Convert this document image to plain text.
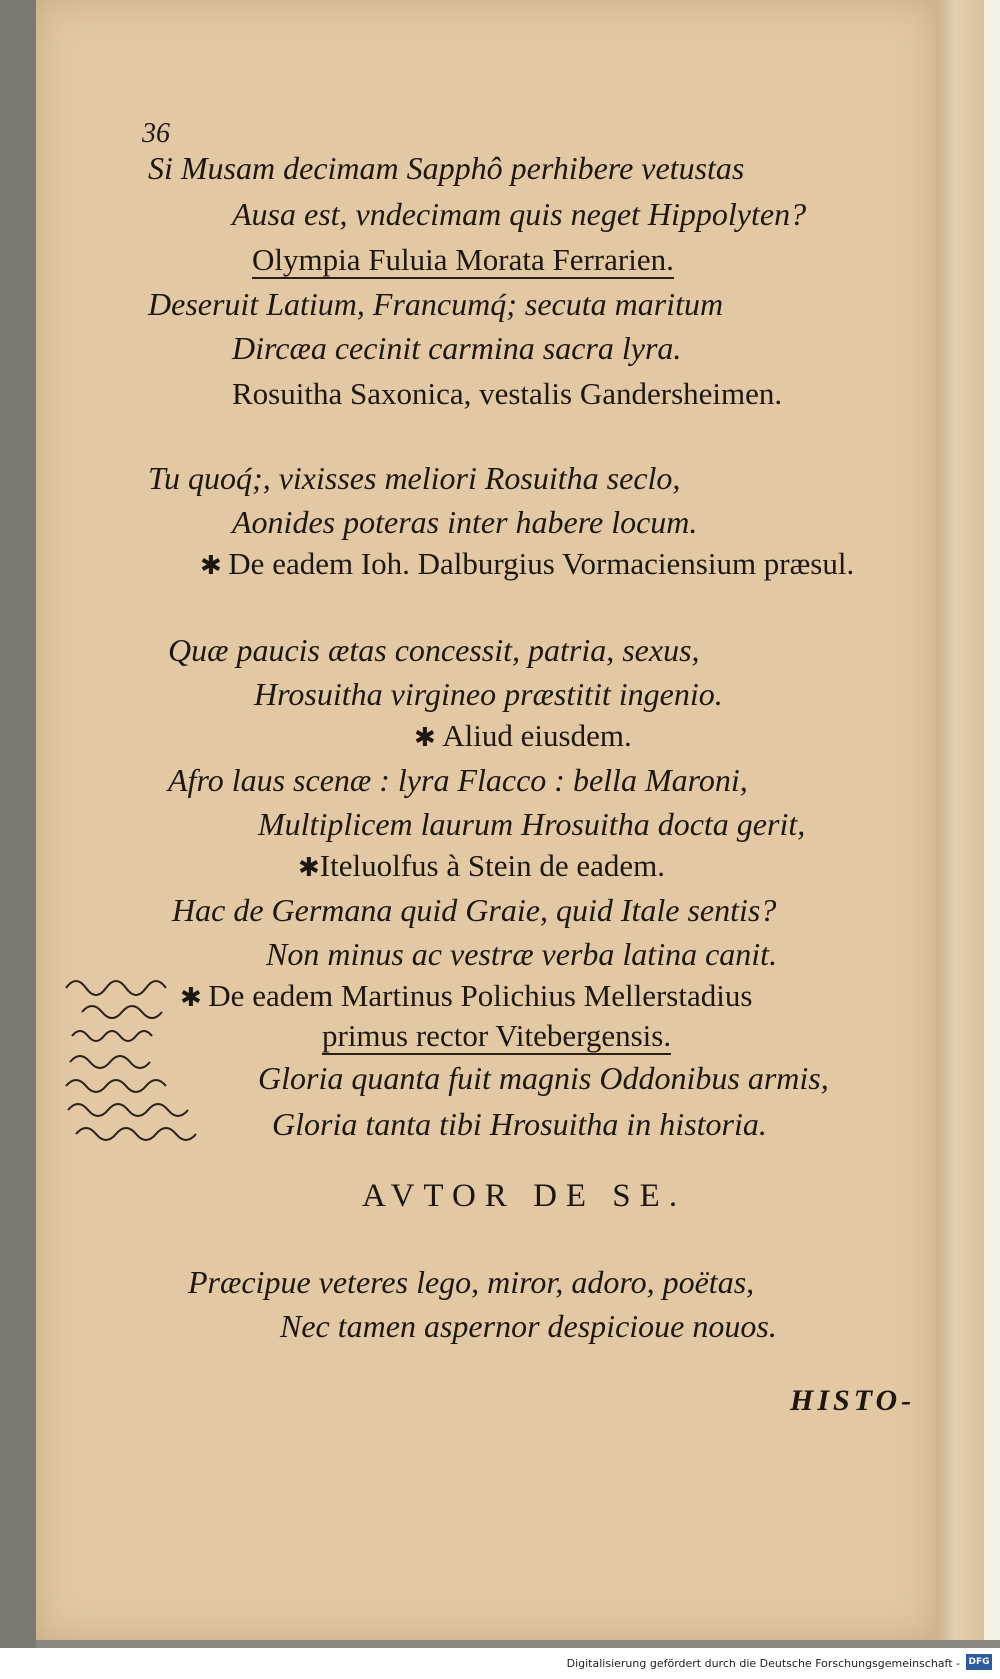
36
Si Musam decimam Sapphô perhibere vetustas
Ausa est, vndecimam quis neget Hippolyten?
Olympia Fuluia Morata Ferrarien.
Deseruit Latium, Francumq́; secuta maritum
Dircæa cecinit carmina sacra lyra.
Rosuitha Saxonica, vestalis Gandersheimen.
Tu quoq́;, vixisses meliori Rosuitha seclo,
Aonides poteras inter habere locum.
✱ De eadem Ioh. Dalburgius Vormaciensium præsul.
Quæ paucis ætas concessit, patria, sexus,
Hrosuitha virgineo præstitit ingenio.
✱ Aliud eiusdem.
Afro laus scenæ : lyra Flacco : bella Maroni,
Multiplicem laurum Hrosuitha docta gerit,
✱Iteluolfus à Stein de eadem.
Hac de Germana quid Graie, quid Itale sentis?
Non minus ac vestræ verba latina canit.
✱ De eadem Martinus Polichius Mellerstadius
primus rector Vitebergensis.
Gloria quanta fuit magnis Oddonibus armis,
Gloria tanta tibi Hrosuitha in historia.
AVTOR DE SE.
Præcipue veteres lego, miror, adoro, poëtas,
Nec tamen aspernor despicioue nouos.
HISTO-
Digitalisierung gefördert durch die Deutsche Forschungsgemeinschaft - DFG
